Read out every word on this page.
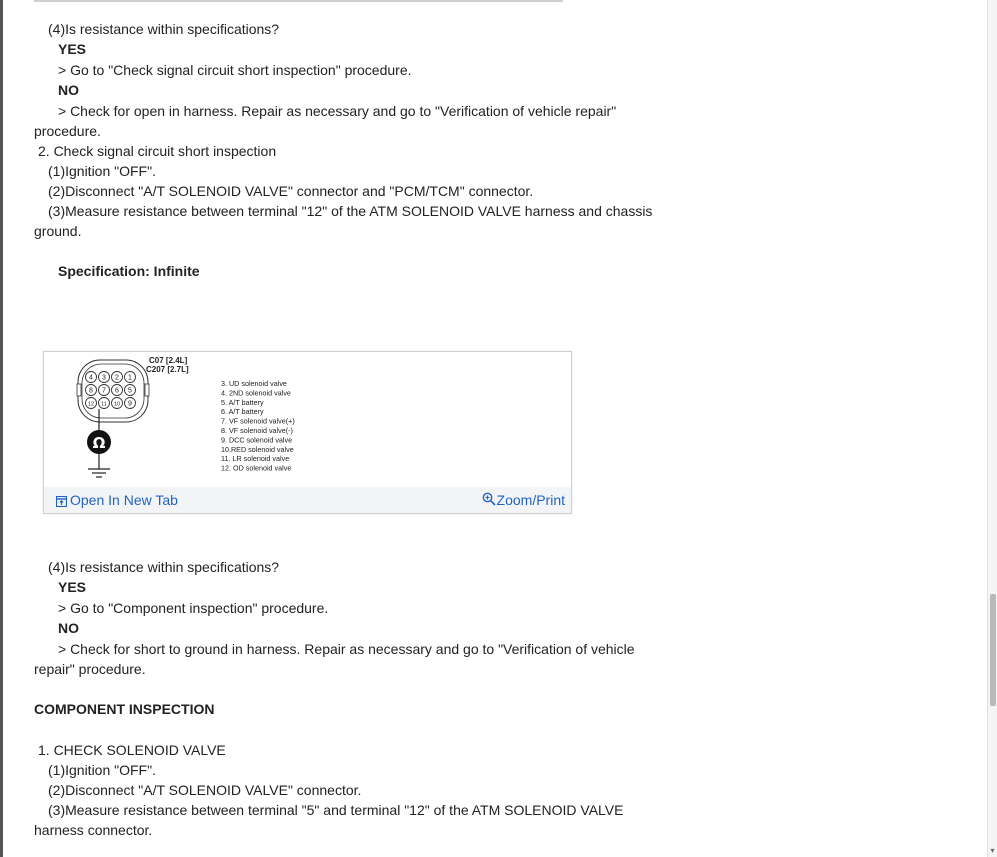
(4)Is resistance within specifications?
YES
> Go to "Check signal circuit short inspection" procedure.
NO
> Check for open in harness. Repair as necessary and go to "Verification of vehicle repair"
procedure.
2. Check signal circuit short inspection
(1)Ignition "OFF".
(2)Disconnect "A/T SOLENOID VALVE" connector and "PCM/TCM" connector.
(3)Measure resistance between terminal "12" of the ATM SOLENOID VALVE harness and chassis
ground.
Specification: Infinite
C07 [2.4L]
C207 [2.7L]
4 3 2 1
8 7 6 5
12 11 10 9
Ω
3. UD solenoid valve
4. 2ND solenoid valve
5. A/T battery
6. A/T battery
7. VF solenoid valve(+)
8. VF solenoid valve(-)
9. DCC solenoid valve
10.RED solenoid valve
11. LR solenoid valve
12. OD solenoid valve
Open In New Tab	Zoom/Print
(4)Is resistance within specifications?
YES
> Go to "Component inspection" procedure.
NO
> Check for short to ground in harness. Repair as necessary and go to "Verification of vehicle
repair" procedure.
COMPONENT INSPECTION
1. CHECK SOLENOID VALVE
(1)Ignition "OFF".
(2)Disconnect "A/T SOLENOID VALVE" connector.
(3)Measure resistance between terminal "5" and terminal "12" of the ATM SOLENOID VALVE
harness connector.
▾
